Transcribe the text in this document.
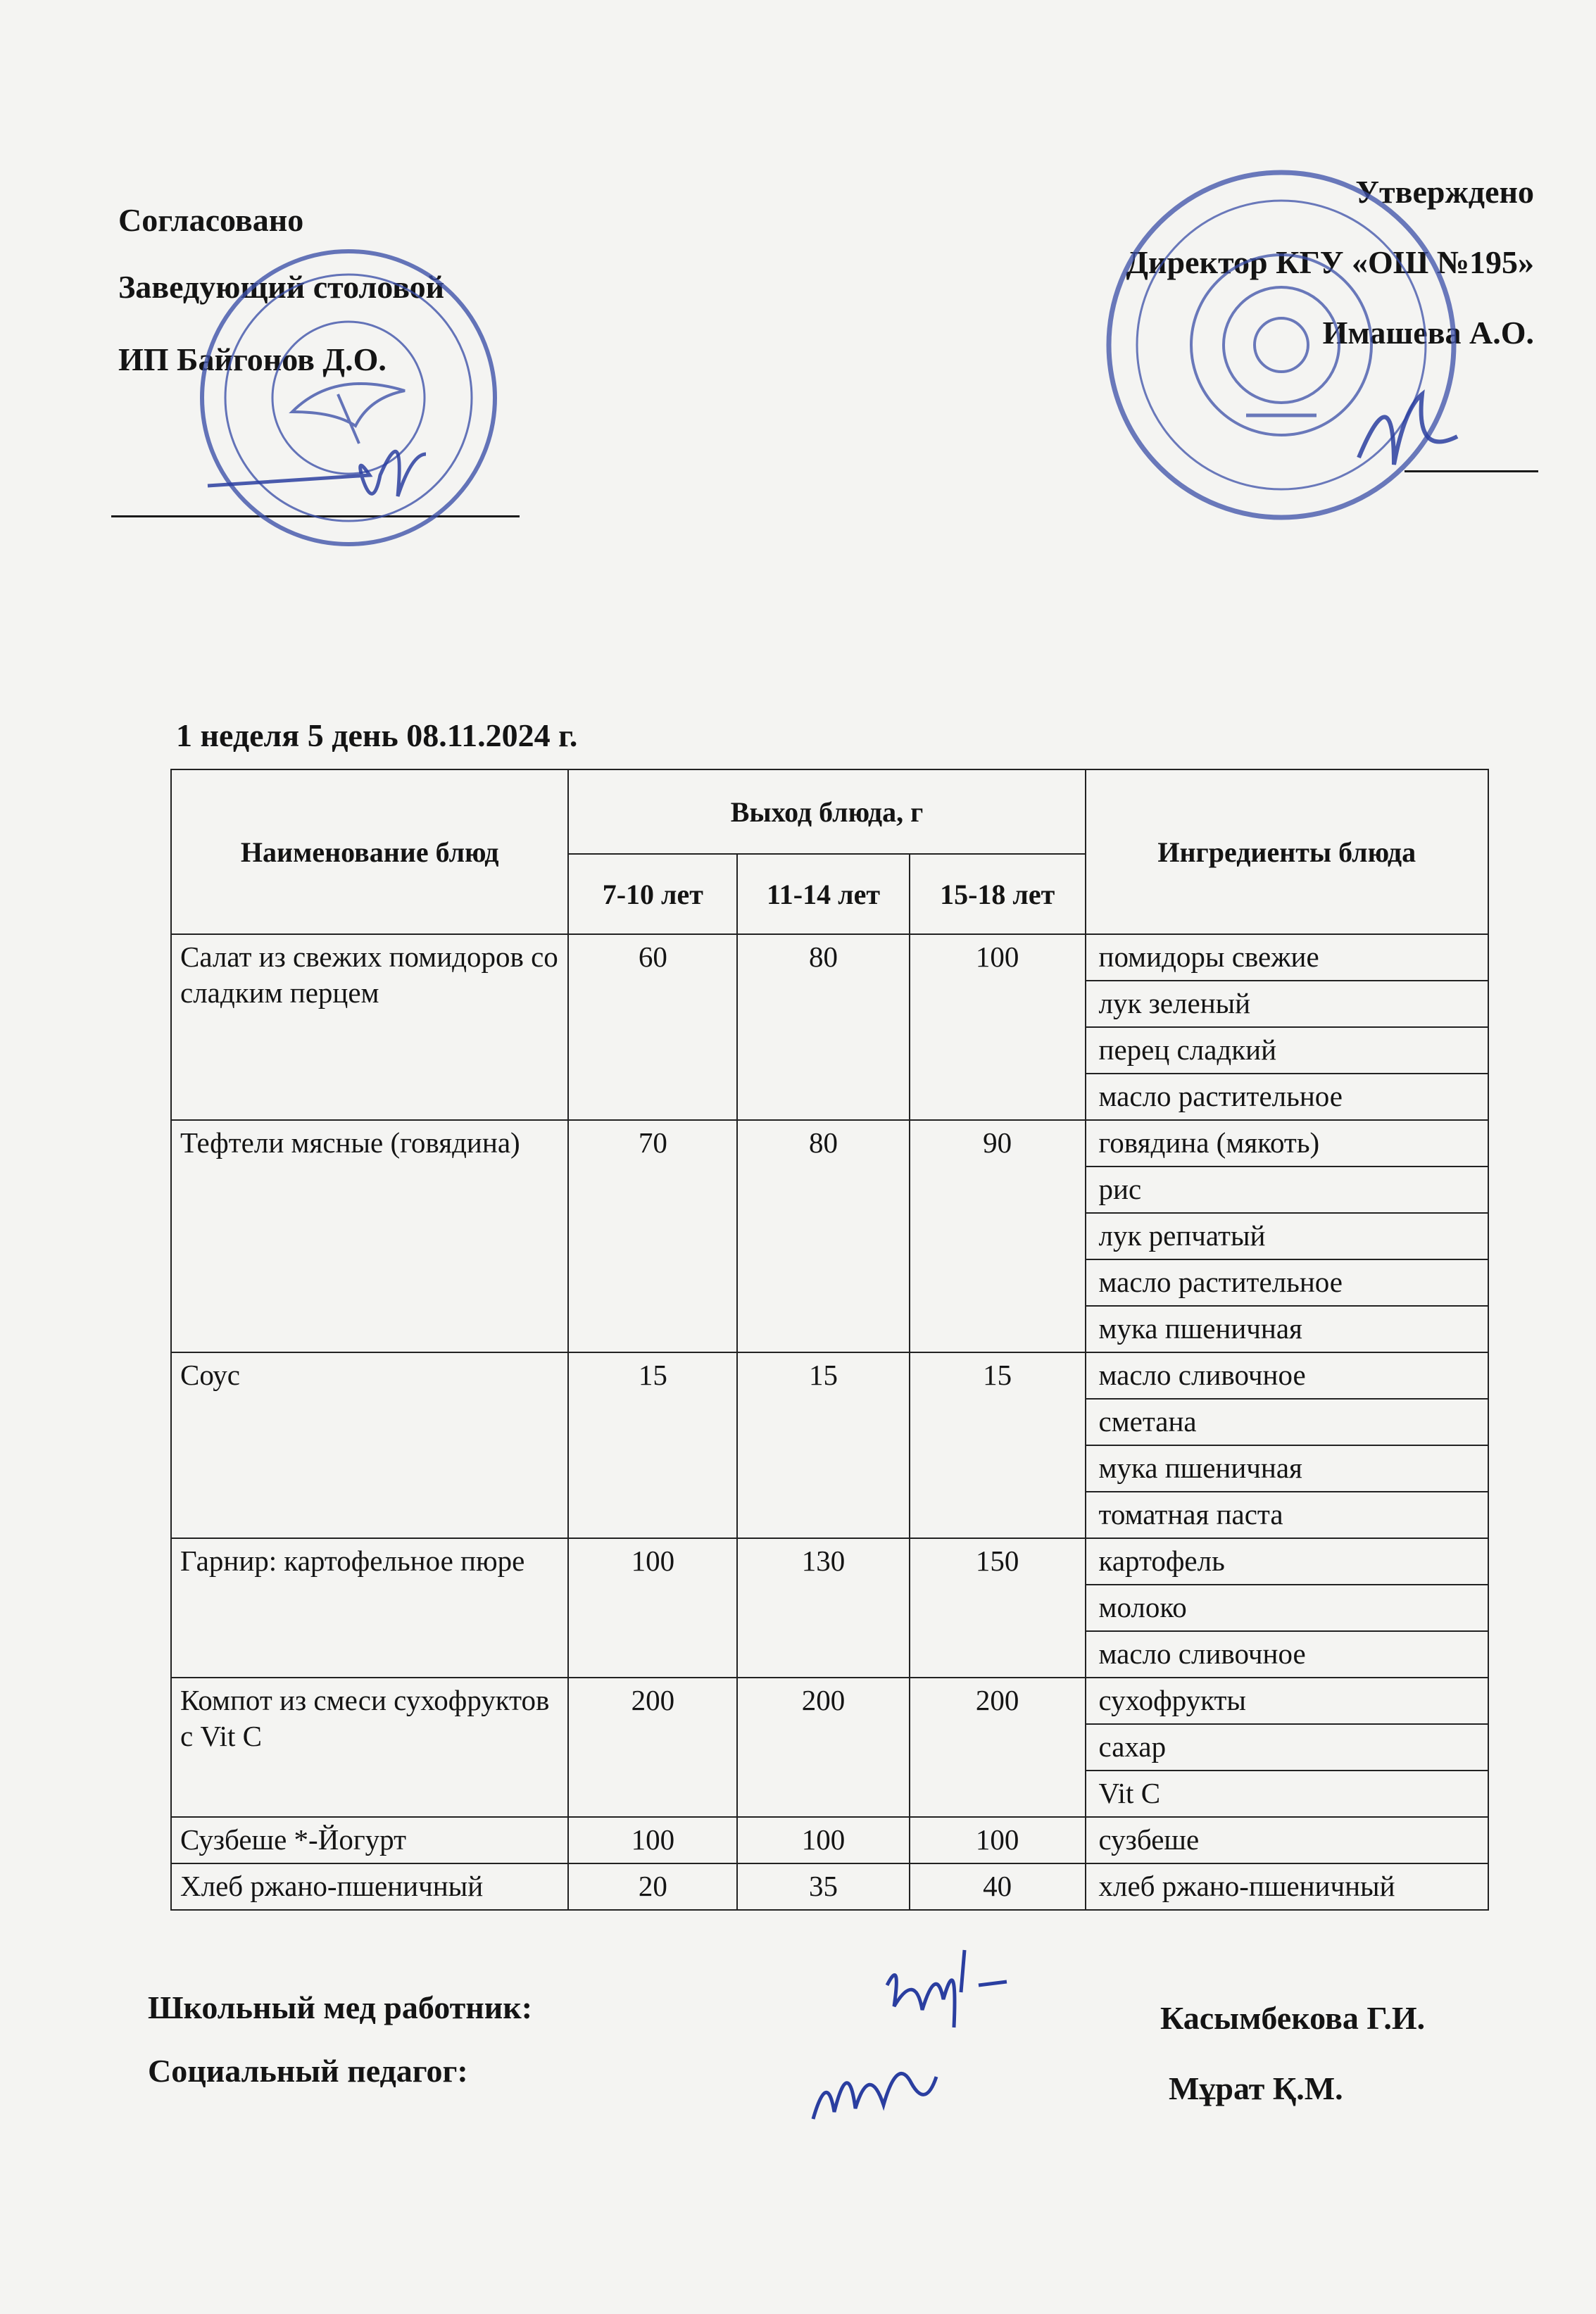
Согласовано
Заведующий столовой
ИП Байгонов Д.О.
Утверждено
Директор КГУ «ОШ №195»
Имашева А.О.
1 неделя 5 день 08.11.2024 г.
Наименование блюд	Выход блюда, г			Ингредиенты блюда
	7-10 лет	11-14 лет	15-18 лет	
Салат из свежих помидоров со сладким перцем	60	80	100	помидоры свежие
				лук зеленый
				перец сладкий
				масло растительное
Тефтели мясные (говядина)	70	80	90	говядина (мякоть)
				рис
				лук репчатый
				масло растительное
				мука пшеничная
Соус	15	15	15	масло сливочное
				сметана
				мука пшеничная
				томатная паста
Гарнир: картофельное пюре	100	130	150	картофель
				молоко
				масло сливочное
Компот из смеси сухофруктов с Vit C	200	200	200	сухофрукты
				сахар
				Vit C
Сузбеше *-Йогурт	100	100	100	сузбеше
Хлеб ржано-пшеничный	20	35	40	хлеб ржано-пшеничный
Школьный мед работник:	Касымбекова Г.И.
Социальный педагог:	Мұрат Қ.М.
